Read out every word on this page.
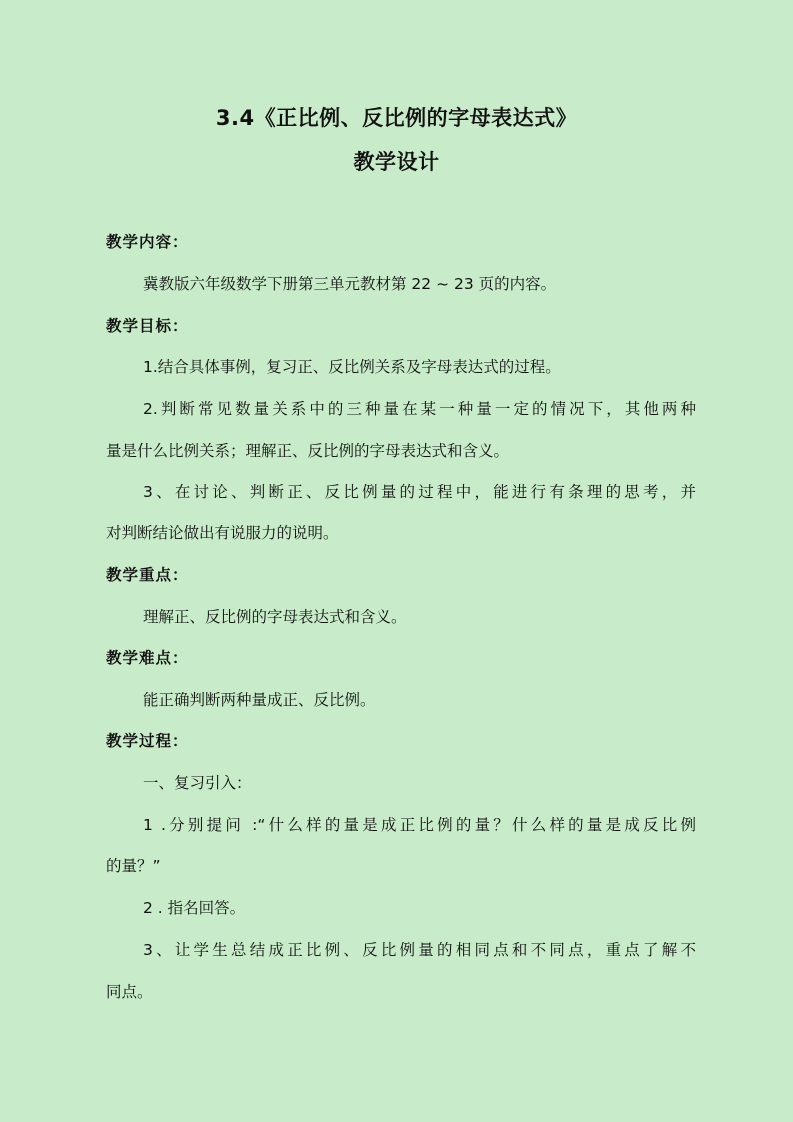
3.4《正比例、反比例的字母表达式》
教学设计
教学内容：
冀教版六年级数学下册第三单元教材第 22 ~ 23 页的内容。
教学目标：
1.结合具体事例，复习正、反比例关系及字母表达式的过程。
2.判断常见数量关系中的三种量在某一种量一定的情况下，其他两种
量是什么比例关系；理解正、反比例的字母表达式和含义。
3、在讨论、判断正、反比例量的过程中，能进行有条理的思考，并
对判断结论做出有说服力的说明。
教学重点：
理解正、反比例的字母表达式和含义。
教学难点：
能正确判断两种量成正、反比例。
教学过程：
一、复习引入：
1 .分别提问 :“什么样的量是成正比例的量？什么样的量是成反比例
的量？”
2 . 指名回答。
3、让学生总结成正比例、反比例量的相同点和不同点，重点了解不
同点。
